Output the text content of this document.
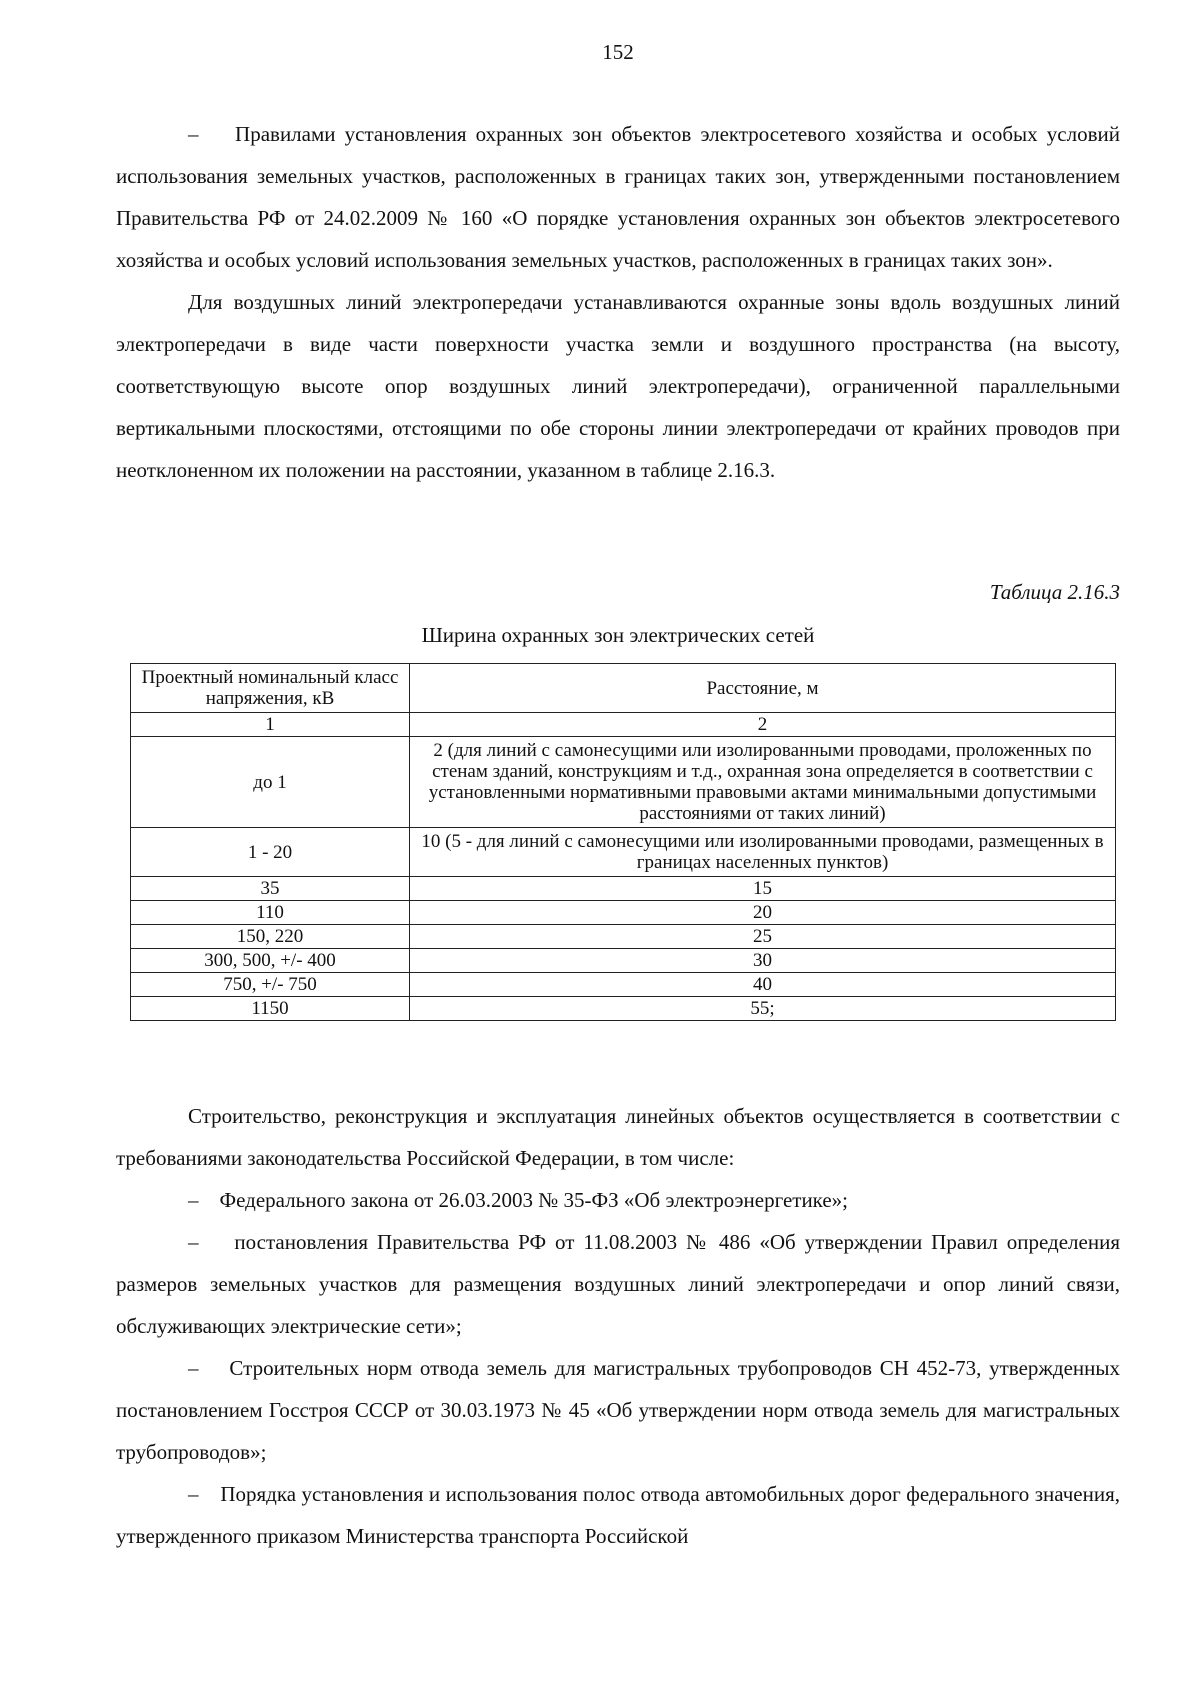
152

–    Правилами установления охранных зон объектов электросетевого хозяйства и особых условий использования земельных участков, расположенных в границах таких зон, утвержденными постановлением Правительства РФ от 24.02.2009 № 160 «О порядке установления охранных зон объектов электросетевого хозяйства и особых условий использования земельных участков, расположенных в границах таких зон».

Для воздушных линий электропередачи устанавливаются охранные зоны вдоль воздушных линий электропередачи в виде части поверхности участка земли и воздушного пространства (на высоту, соответствующую высоте опор воздушных линий электропередачи), ограниченной параллельными вертикальными плоскостями, отстоящими по обе стороны линии электропередачи от крайних проводов при неотклоненном их положении на расстоянии, указанном в таблице 2.16.3.

Таблица 2.16.3
Ширина охранных зон электрических сетей
Проектный номинальный класс напряжения, кВ	Расстояние, м
1	2
до 1	2 (для линий с самонесущими или изолированными проводами, проложенных по стенам зданий, конструкциям и т.д., охранная зона определяется в соответствии с установленными нормативными правовыми актами минимальными допустимыми расстояниями от таких линий)
1 - 20	10 (5 - для линий с самонесущими или изолированными проводами, размещенных в границах населенных пунктов)
35	15
110	20
150, 220	25
300, 500, +/- 400	30
750, +/- 750	40
1150	55;

Строительство, реконструкция и эксплуатация линейных объектов осуществляется в соответствии с требованиями законодательства Российской Федерации, в том числе:

–    Федерального закона от 26.03.2003 № 35-ФЗ «Об электроэнергетике»;

–    постановления Правительства РФ от 11.08.2003 № 486 «Об утверждении Правил определения размеров земельных участков для размещения воздушных линий электропередачи и опор линий связи, обслуживающих электрические сети»;

–    Строительных норм отвода земель для магистральных трубопроводов СН 452-73, утвержденных постановлением Госстроя СССР от 30.03.1973 № 45 «Об утверждении норм отвода земель для магистральных трубопроводов»;

–    Порядка установления и использования полос отвода автомобильных дорог федерального значения, утвержденного приказом Министерства транспорта Российской
